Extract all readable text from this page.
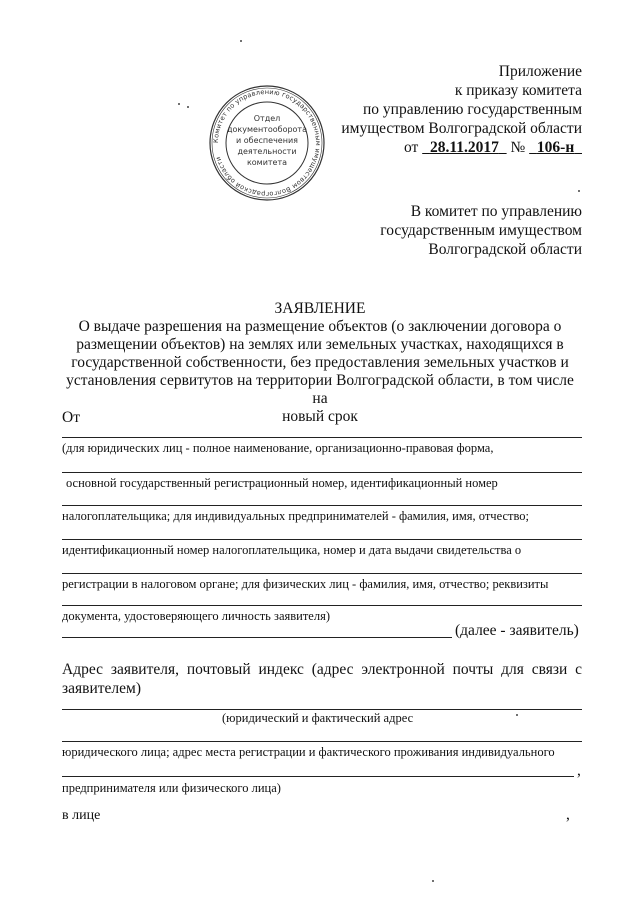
Приложение
к приказу комитета
по управлению государственным
имуществом Волгоградской области
от 28.11.2017 № 106-н
Комитет по управлению государственным имуществом Волгоградской области
Отдел
документооборота
и обеспечения
деятельности
комитета
В комитет по управлению
государственным имуществом
Волгоградской области
ЗАЯВЛЕНИЕ
О выдаче разрешения на размещение объектов (о заключении договора о
размещении объектов) на землях или земельных участках, находящихся в
государственной собственности, без предоставления земельных участков и
установления сервитутов на территории Волгоградской области, в том числе на
новый срок
От
(для юридических лиц - полное наименование, организационно-правовая форма,
основной государственный регистрационный номер, идентификационный номер
налогоплательщика; для индивидуальных предпринимателей - фамилия, имя, отчество;
идентификационный номер налогоплательщика, номер и дата выдачи свидетельства о
регистрации в налоговом органе; для физических лиц - фамилия, имя, отчество; реквизиты
документа, удостоверяющего личность заявителя)
(далее - заявитель)
Адрес заявителя, почтовый индекс (адрес электронной почты для связи с заявителем)
(юридический и фактический адрес
юридического лица; адрес места регистрации и фактического проживания индивидуального
,
предпринимателя или физического лица)
в лице	,
